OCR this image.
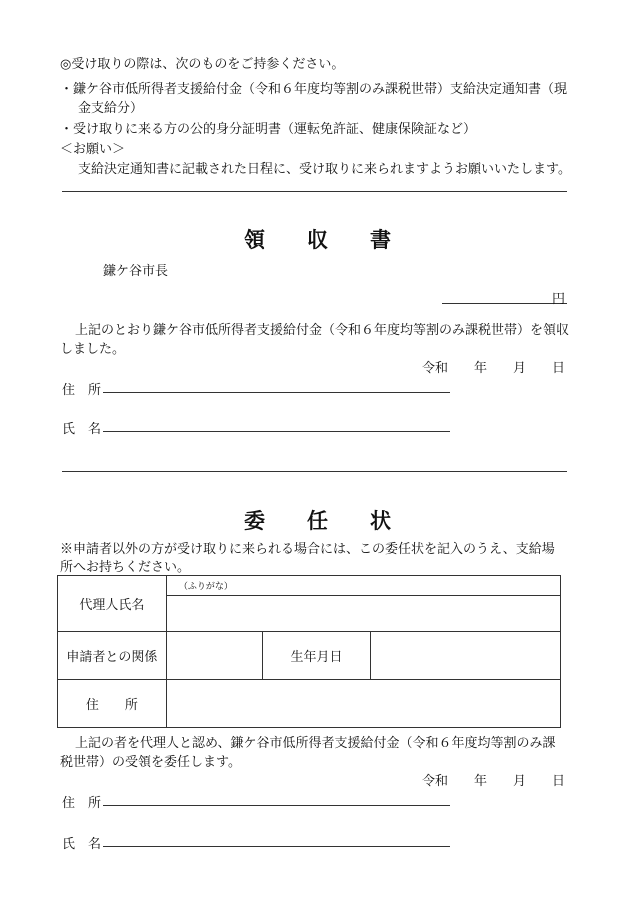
◎受け取りの際は、次のものをご持参ください。
・鎌ケ谷市低所得者支援給付金（令和６年度均等割のみ課税世帯）支給決定通知書（現
金支給分）
・受け取りに来る方の公的身分証明書（運転免許証、健康保険証など）
＜お願い＞
支給決定通知書に記載された日程に、受け取りに来られますようお願いいたします。
領　　収　　書
鎌ケ谷市長
円
上記のとおり鎌ケ谷市低所得者支援給付金（令和６年度均等割のみ課税世帯）を領収
しました。
令和　　年　　月　　日
住　所
氏　名
委　　任　　状
※申請者以外の方が受け取りに来られる場合には、この委任状を記入のうえ、支給場
所へお持ちください。
代理人氏名	（ふりがな）		

申請者との関係		生年月日	
住　　所			
上記の者を代理人と認め、鎌ケ谷市低所得者支援給付金（令和６年度均等割のみ課
税世帯）の受領を委任します。
令和　　年　　月　　日
住　所
氏　名
